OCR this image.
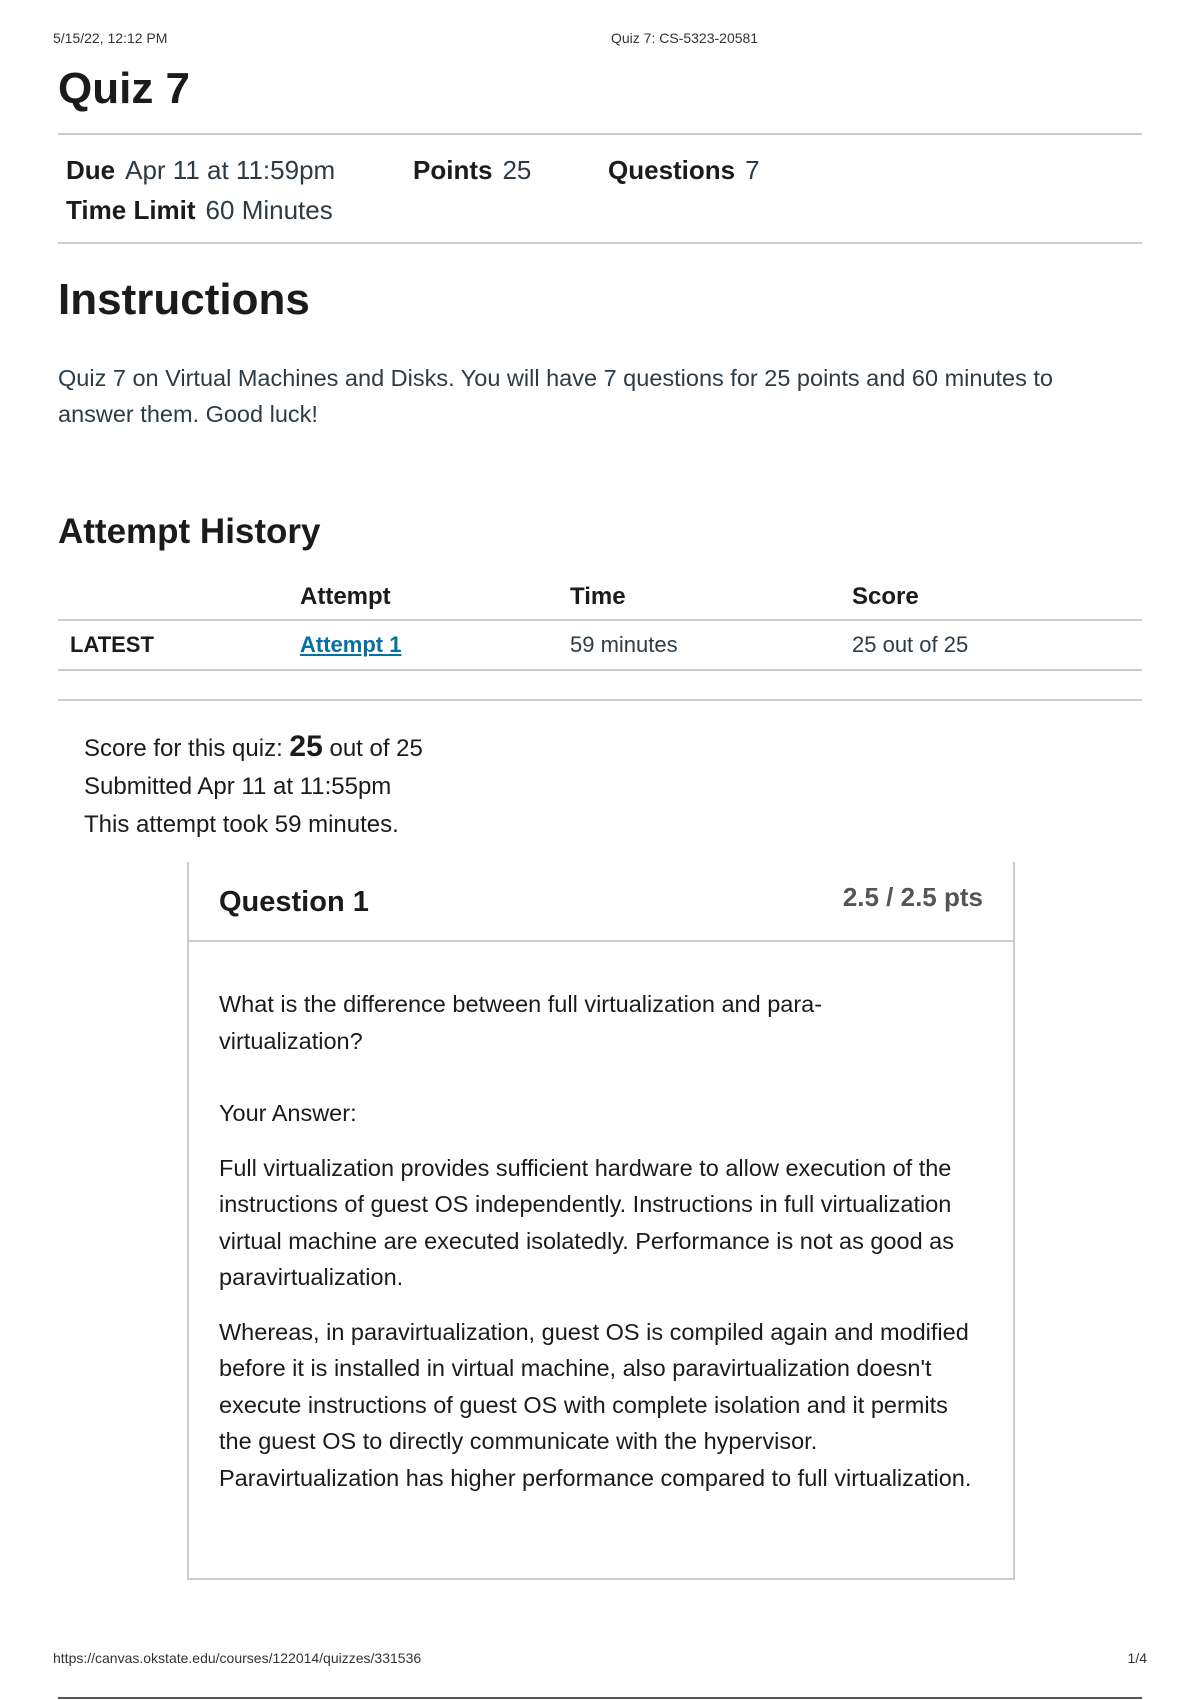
5/15/22, 12:12 PM	Quiz 7: CS-5323-20581
Quiz 7
Due Apr 11 at 11:59pm	Points 25	Questions 7
Time Limit 60 Minutes
Instructions

Quiz 7 on Virtual Machines and Disks. You will have 7 questions for 25 points and 60 minutes to answer them. Good luck!

Attempt History
	Attempt	Time	Score
LATEST	Attempt 1	59 minutes	25 out of 25
Score for this quiz: 25 out of 25
Submitted Apr 11 at 11:55pm
This attempt took 59 minutes.
Question 1	2.5 / 2.5 pts

What is the difference between full virtualization and para-virtualization?

Your Answer:

Full virtualization provides sufficient hardware to allow execution of the instructions of guest OS independently. Instructions in full virtualization virtual machine are executed isolatedly. Performance is not as good as paravirtualization.

Whereas, in paravirtualization, guest OS is compiled again and modified before it is installed in virtual machine, also paravirtualization doesn't execute instructions of guest OS with complete isolation and it permits the guest OS to directly communicate with the hypervisor. Paravirtualization has higher performance compared to full virtualization.

https://canvas.okstate.edu/courses/122014/quizzes/331536	1/4
